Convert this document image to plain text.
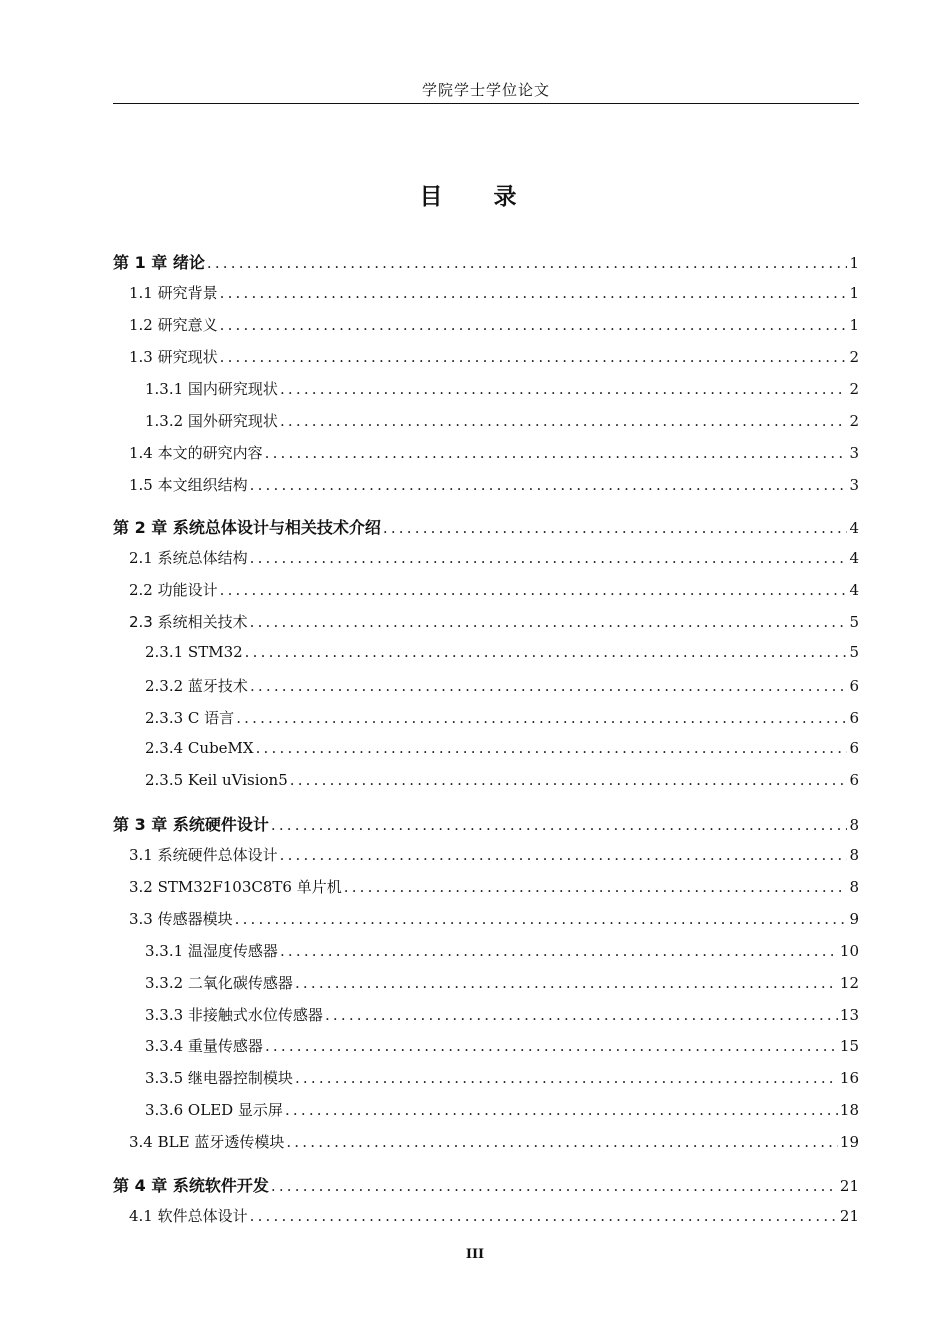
学院学士学位论文
目　录
第 1 章 绪论 .....	1
1.1 研究背景 .....	1
1.2 研究意义 .....	1
1.3 研究现状 .....	2
1.3.1 国内研究现状 .....	2
1.3.2 国外研究现状 .....	2
1.4 本文的研究内容 .....	3
1.5 本文组织结构 .....	3
第 2 章 系统总体设计与相关技术介绍 .....	4
2.1 系统总体结构 .....	4
2.2 功能设计 .....	4
2.3 系统相关技术 .....	5
2.3.1 STM32 .....	5
2.3.2 蓝牙技术 .....	6
2.3.3 C 语言 .....	6
2.3.4 CubeMX .....	6
2.3.5 Keil uVision5 .....	6
第 3 章 系统硬件设计 .....	8
3.1 系统硬件总体设计 .....	8
3.2 STM32F103C8T6 单片机 .....	8
3.3 传感器模块 .....	9
3.3.1 温湿度传感器 .....	10
3.3.2 二氧化碳传感器 .....	12
3.3.3 非接触式水位传感器 .....	13
3.3.4 重量传感器 .....	15
3.3.5 继电器控制模块 .....	16
3.3.6 OLED 显示屏 .....	18
3.4 BLE 蓝牙透传模块 .....	19
第 4 章 系统软件开发 .....	21
4.1 软件总体设计 .....	21
III
